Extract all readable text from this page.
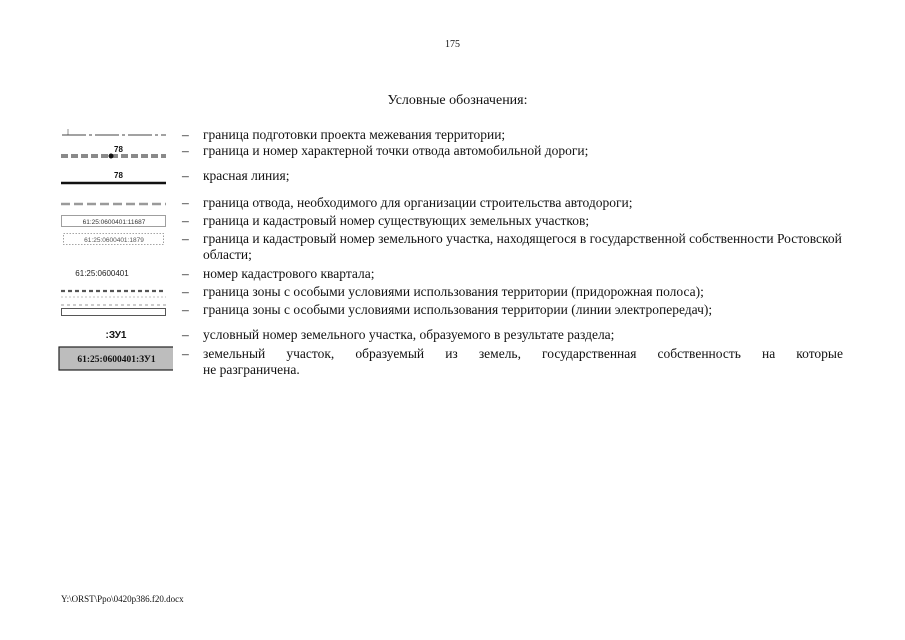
175
Условные обозначения:
– граница подготовки проекта межевания территории;
78	– граница и номер характерной точки отвода автомобильной дороги;
78	– красная линия;
– граница отвода, необходимого для организации строительства автодороги;
61:25:0600401:11687	– граница и кадастровый номер существующих земельных участков;
61:25:0600401:1879	– граница и кадастровый номер земельного участка, находящегося в государственной собственности Ростовской области;
61:25:0600401	– номер кадастрового квартала;
– граница зоны с особыми условиями использования территории (придорожная полоса);
– граница зоны с особыми условиями использования территории (линии электропередач);
:ЗУ1	– условный номер земельного участка, образуемого в результате раздела;
61:25:0600401:ЗУ1 – земельный участок, образуемый из земель, государственная собственность на которые
не разграничена.
Y:\ORST\Ppo\0420p386.f20.docx
